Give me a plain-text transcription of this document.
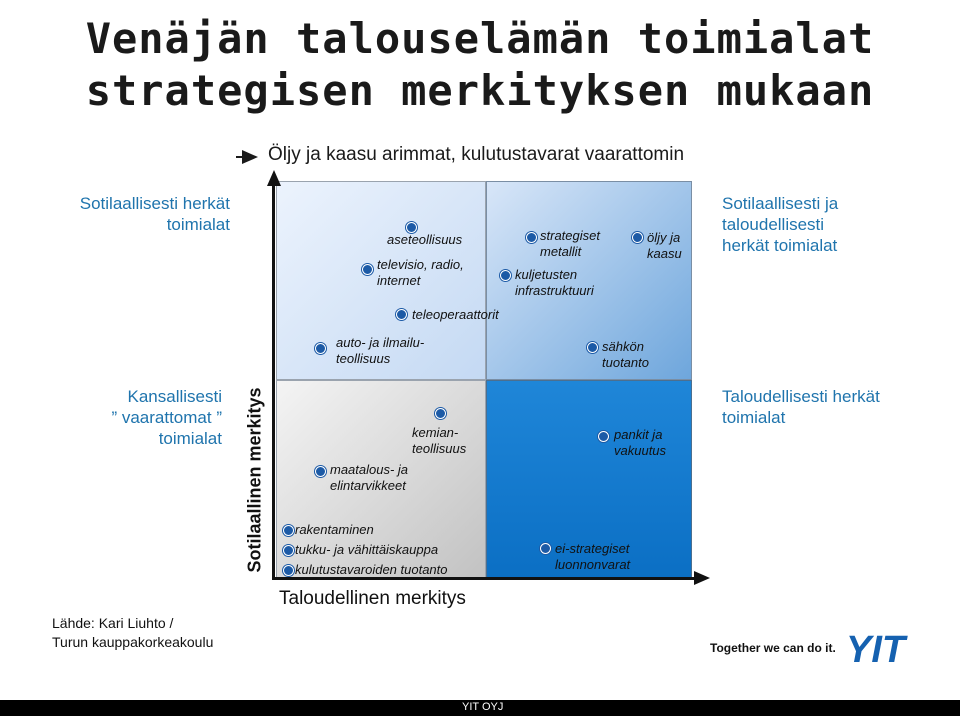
Venäjän talouselämän toimialat
strategisen merkityksen mukaan
Öljy ja kaasu arimmat, kulutustavarat vaarattomin
Sotilaallisesti herkät
toimialat
Sotilaallisesti ja
taloudellisesti
herkät toimialat
Kansallisesti
” vaarattomat ”
toimialat
Taloudellisesti herkät
toimialat
Sotilaallinen merkitys
Taloudellinen merkitys
aseteollisuus
televisio, radio,
internet
teleoperaattorit
auto- ja ilmailu-
teollisuus
strategiset
metallit
kuljetusten
infrastruktuuri
öljy ja
kaasu
sähkön
tuotanto
kemian-
teollisuus
maatalous- ja
elintarvikkeet
rakentaminen
tukku- ja vähittäiskauppa
kulutustavaroiden tuotanto
pankit ja
vakuutus
ei-strategiset
luonnonvarat
Lähde: Kari Liuhto /
Turun kauppakorkeakoulu	Together we can do it. YIT
YIT OYJ
